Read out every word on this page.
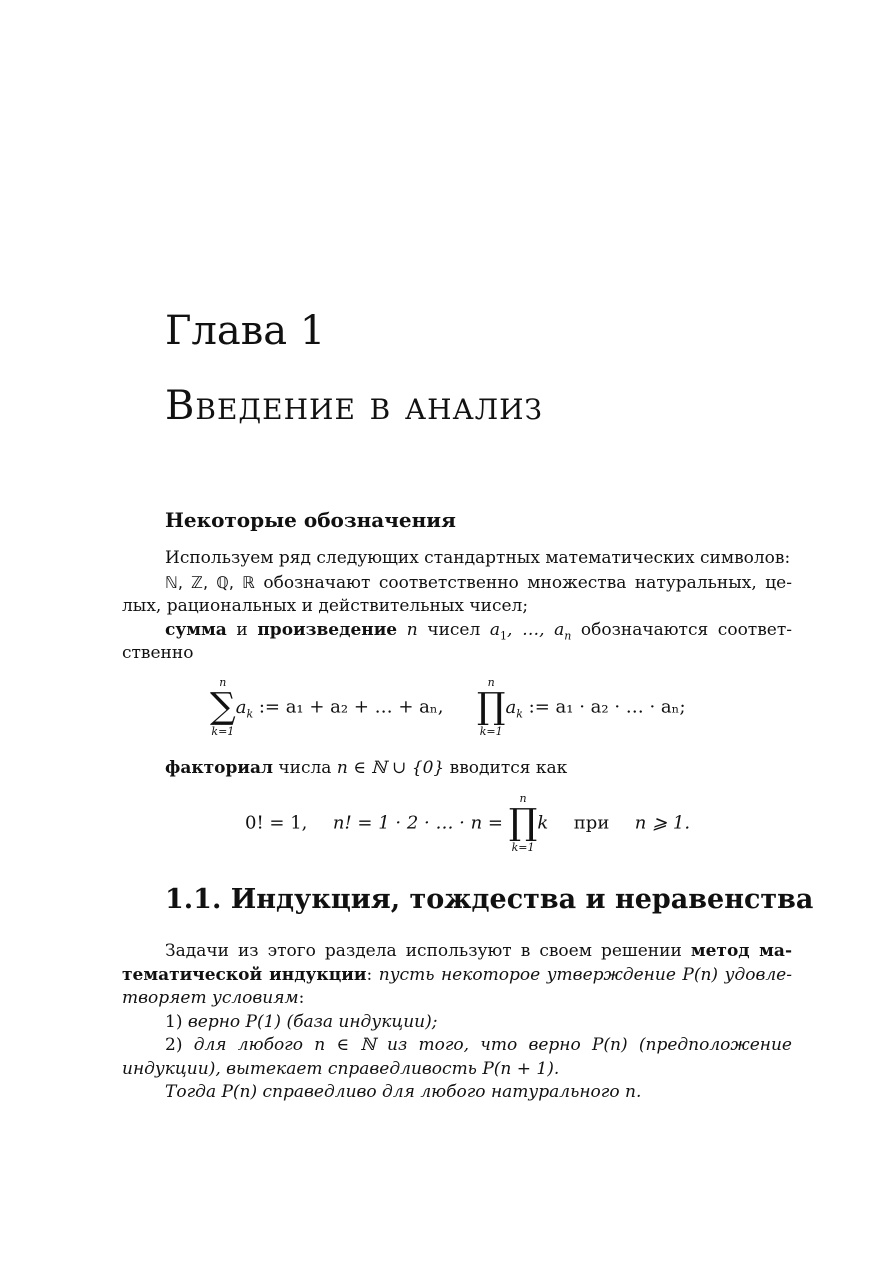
Глава 1
Введение в анализ
Некоторые обозначения

Используем ряд следующих стандартных математических символов:

ℕ, ℤ, ℚ, ℝ обозначают соответственно множества натуральных, це- лых, рациональных и действительных чисел;

сумма и произведение n чисел $a_1$, …, $a_n$ обозначаются соответ- ственно

n
∑
k=1
$a_k$ := a₁ + a₂ + … + aₙ,
n
∏
k=1
$a_k$ := a₁ · a₂ · … · aₙ;

факториал числа n ∈ ℕ ∪ {0} вводится как

0! = 1, n! = 1 · 2 · … · n =
n
∏
k=1
k при n ⩾ 1.
1.1. Индукция, тождества и неравенства

Задачи из этого раздела используют в своем решении метод ма-тематической индукции: пусть некоторое утверждение P(n) удовле-творяет условиям:

1) верно P(1) (база индукции);

2) для любого n ∈ ℕ из того, что верно P(n) (предположение индукции), вытекает справедливость P(n + 1).

Тогда P(n) справедливо для любого натурального n.
